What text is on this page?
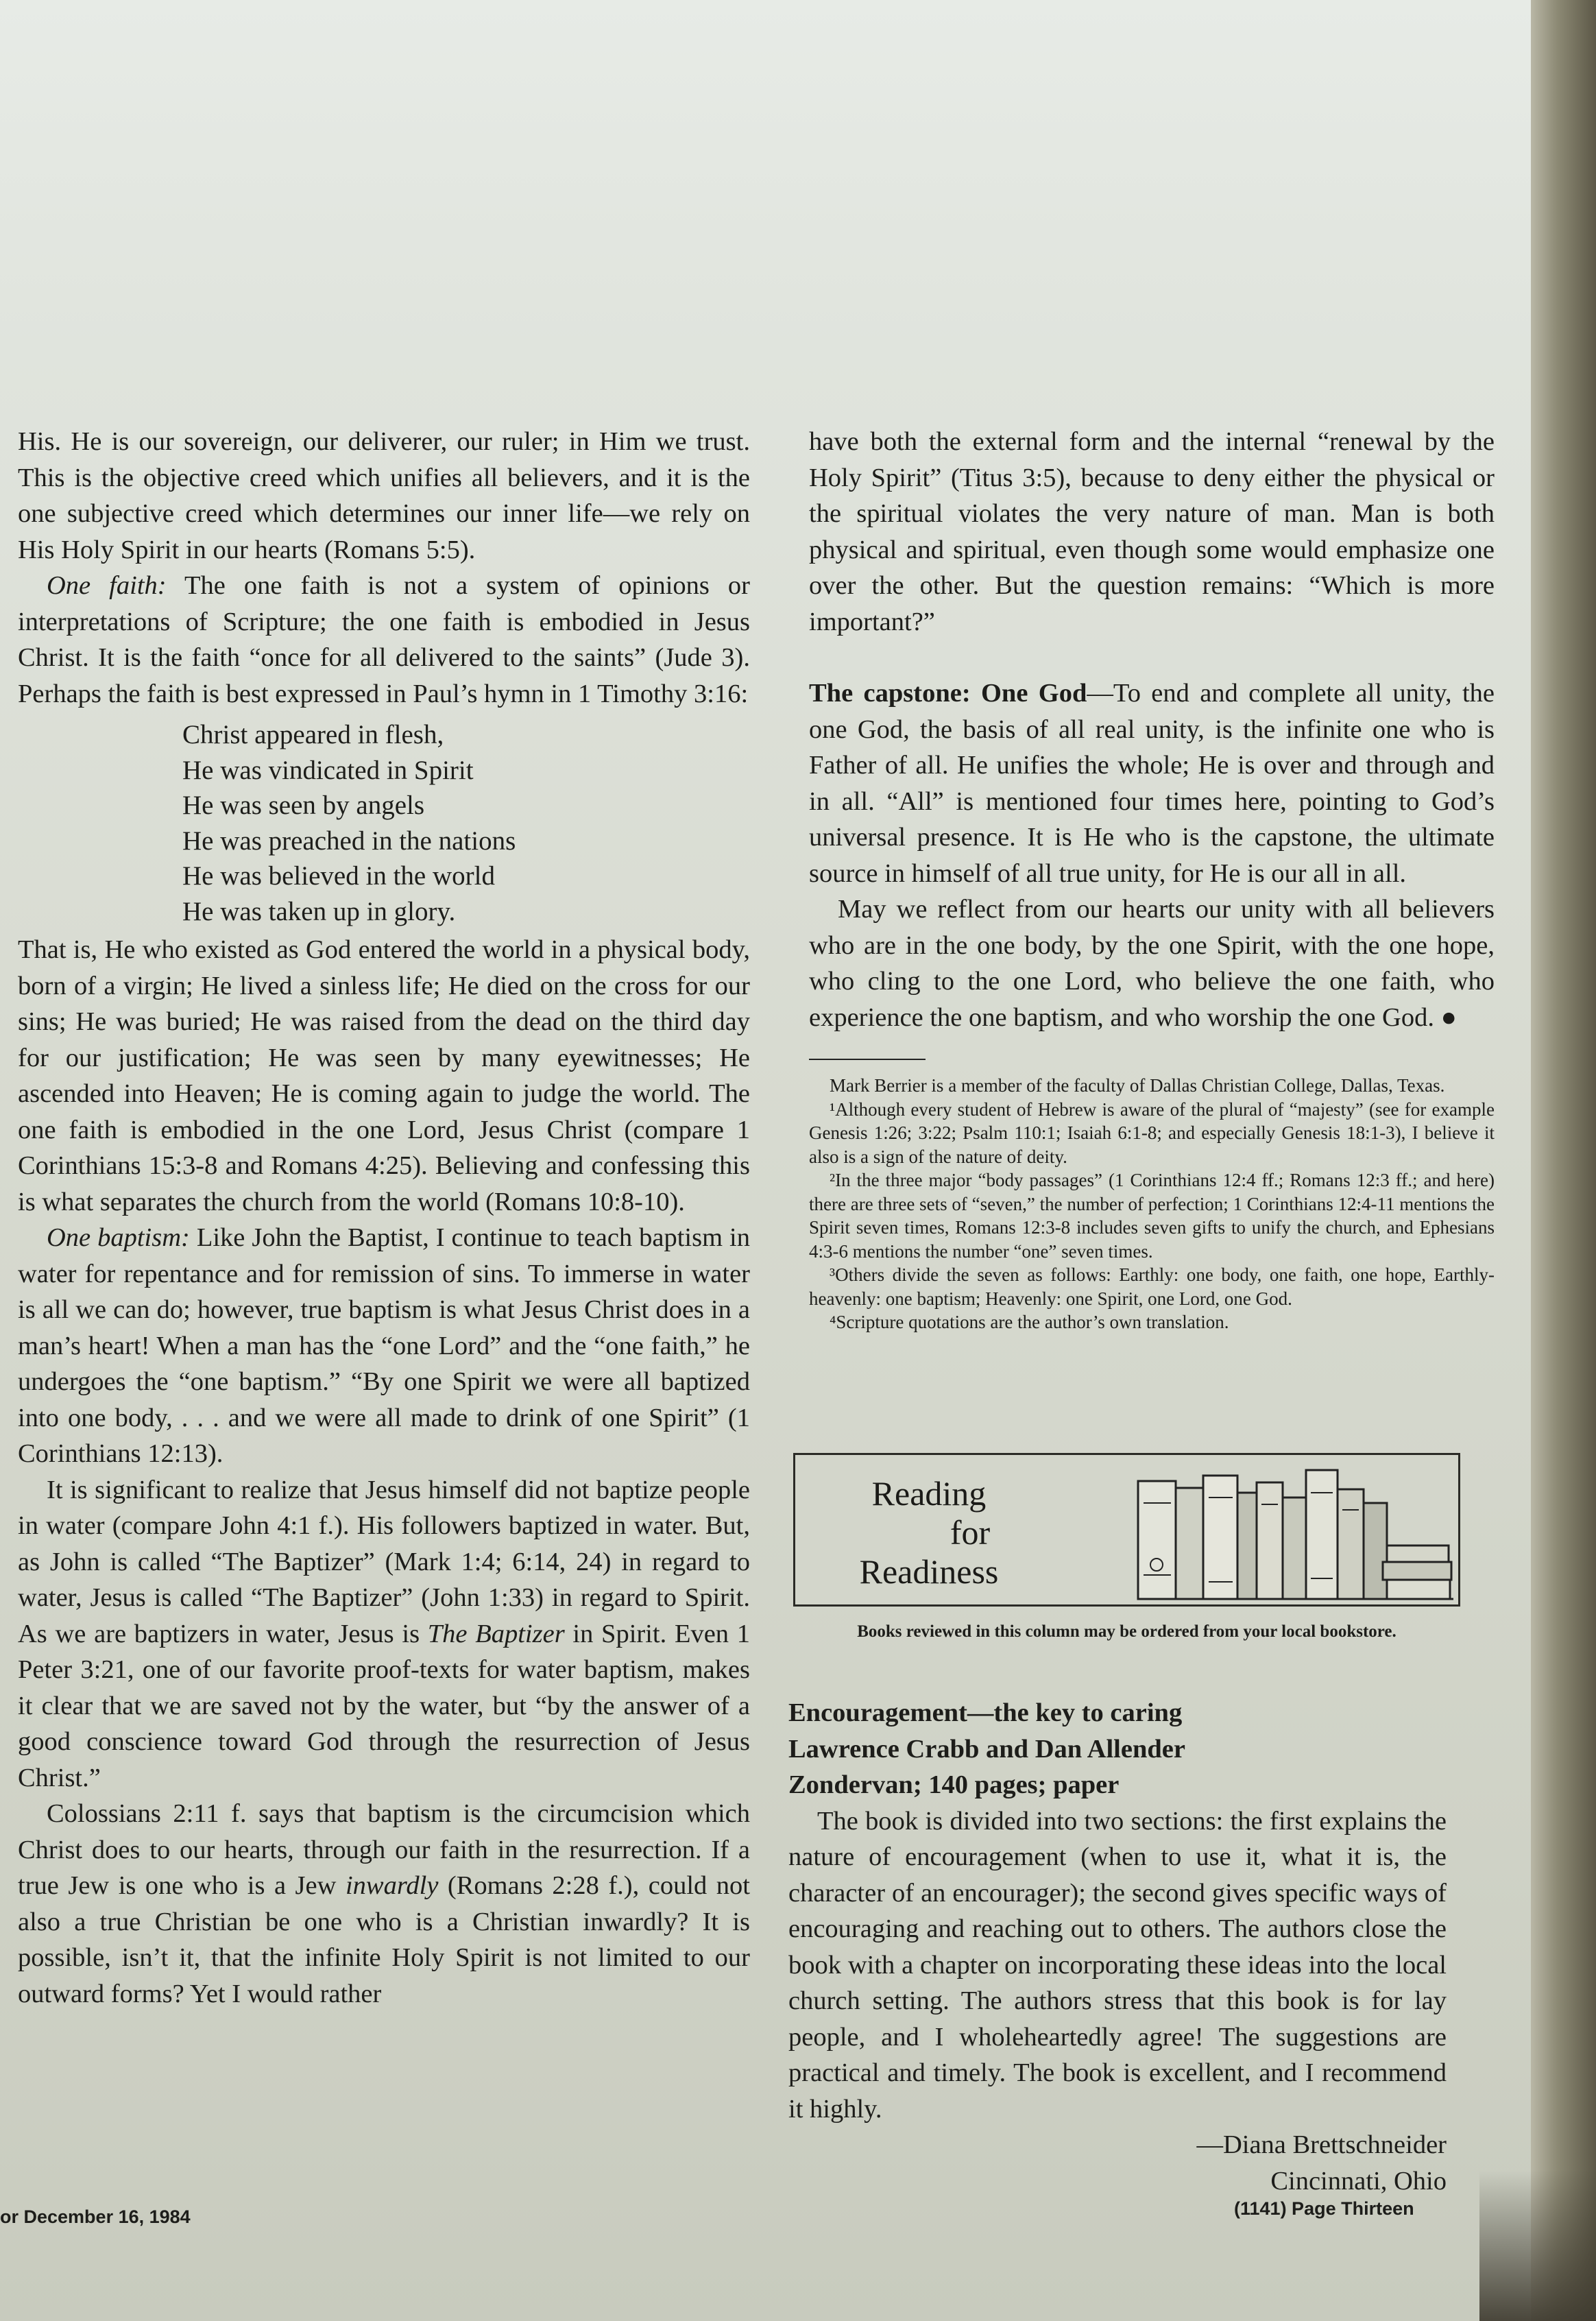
His. He is our sovereign, our deliverer, our ruler; in Him we trust. This is the objective creed which unifies all believers, and it is the one subjective creed which determines our inner life—we rely on His Holy Spirit in our hearts (Romans 5:5).

One faith: The one faith is not a system of opinions or interpretations of Scripture; the one faith is embodied in Jesus Christ. It is the faith “once for all delivered to the saints” (Jude 3). Perhaps the faith is best expressed in Paul’s hymn in 1 Timothy 3:16:

Christ appeared in flesh,
He was vindicated in Spirit
He was seen by angels
He was preached in the nations
He was believed in the world
He was taken up in glory.

That is, He who existed as God entered the world in a physical body, born of a virgin; He lived a sinless life; He died on the cross for our sins; He was buried; He was raised from the dead on the third day for our justification; He was seen by many eyewitnesses; He ascended into Heaven; He is coming again to judge the world. The one faith is embodied in the one Lord, Jesus Christ (compare 1 Corinthians 15:3-8 and Romans 4:25). Believing and confessing this is what separates the church from the world (Romans 10:8-10).

One baptism: Like John the Baptist, I continue to teach baptism in water for repentance and for remission of sins. To immerse in water is all we can do; however, true baptism is what Jesus Christ does in a man’s heart! When a man has the “one Lord” and the “one faith,” he undergoes the “one baptism.” “By one Spirit we were all baptized into one body, . . . and we were all made to drink of one Spirit” (1 Corinthians 12:13).

It is significant to realize that Jesus himself did not baptize people in water (compare John 4:1 f.). His followers baptized in water. But, as John is called “The Baptizer” (Mark 1:4; 6:14, 24) in regard to water, Jesus is called “The Baptizer” (John 1:33) in regard to Spirit. As we are baptizers in water, Jesus is The Baptizer in Spirit. Even 1 Peter 3:21, one of our favorite proof-texts for water baptism, makes it clear that we are saved not by the water, but “by the answer of a good conscience toward God through the resurrection of Jesus Christ.”

Colossians 2:11 f. says that baptism is the circumcision which Christ does to our hearts, through our faith in the resurrection. If a true Jew is one who is a Jew inwardly (Romans 2:28 f.), could not also a true Christian be one who is a Christian inwardly? It is possible, isn’t it, that the infinite Holy Spirit is not limited to our outward forms? Yet I would rather

have both the external form and the internal “renewal by the Holy Spirit” (Titus 3:5), because to deny either the physical or the spiritual violates the very nature of man. Man is both physical and spiritual, even though some would emphasize one over the other. But the question remains: “Which is more important?”

The capstone: One God—To end and complete all unity, the one God, the basis of all real unity, is the infinite one who is Father of all. He unifies the whole; He is over and through and in all. “All” is mentioned four times here, pointing to God’s universal presence. It is He who is the capstone, the ultimate source in himself of all true unity, for He is our all in all.

May we reflect from our hearts our unity with all believers who are in the one body, by the one Spirit, with the one hope, who cling to the one Lord, who believe the one faith, who experience the one baptism, and who worship the one God. ●

Mark Berrier is a member of the faculty of Dallas Christian College, Dallas, Texas.

¹Although every student of Hebrew is aware of the plural of “majesty” (see for example Genesis 1:26; 3:22; Psalm 110:1; Isaiah 6:1-8; and especially Genesis 18:1-3), I believe it also is a sign of the nature of deity.

²In the three major “body passages” (1 Corinthians 12:4 ff.; Romans 12:3 ff.; and here) there are three sets of “seven,” the number of perfection; 1 Corinthians 12:4-11 mentions the Spirit seven times, Romans 12:3-8 includes seven gifts to unify the church, and Ephesians 4:3-6 mentions the number “one” seven times.

³Others divide the seven as follows: Earthly: one body, one faith, one hope, Earthly-heavenly: one baptism; Heavenly: one Spirit, one Lord, one God.

⁴Scripture quotations are the author’s own translation.

Reading
for
Readiness
Books reviewed in this column may be ordered from your local bookstore.

Encouragement—the key to caring

Lawrence Crabb and Dan Allender

Zondervan; 140 pages; paper

The book is divided into two sections: the first explains the nature of encouragement (when to use it, what it is, the character of an encourager); the second gives specific ways of encouraging and reaching out to others. The authors close the book with a chapter on incorporating these ideas into the local church setting. The authors stress that this book is for lay people, and I wholeheartedly agree! The suggestions are practical and timely. The book is excellent, and I recommend it highly.

—Diana Brettschneider

Cincinnati, Ohio

or December 16, 1984	(1141) Page Thirteen
